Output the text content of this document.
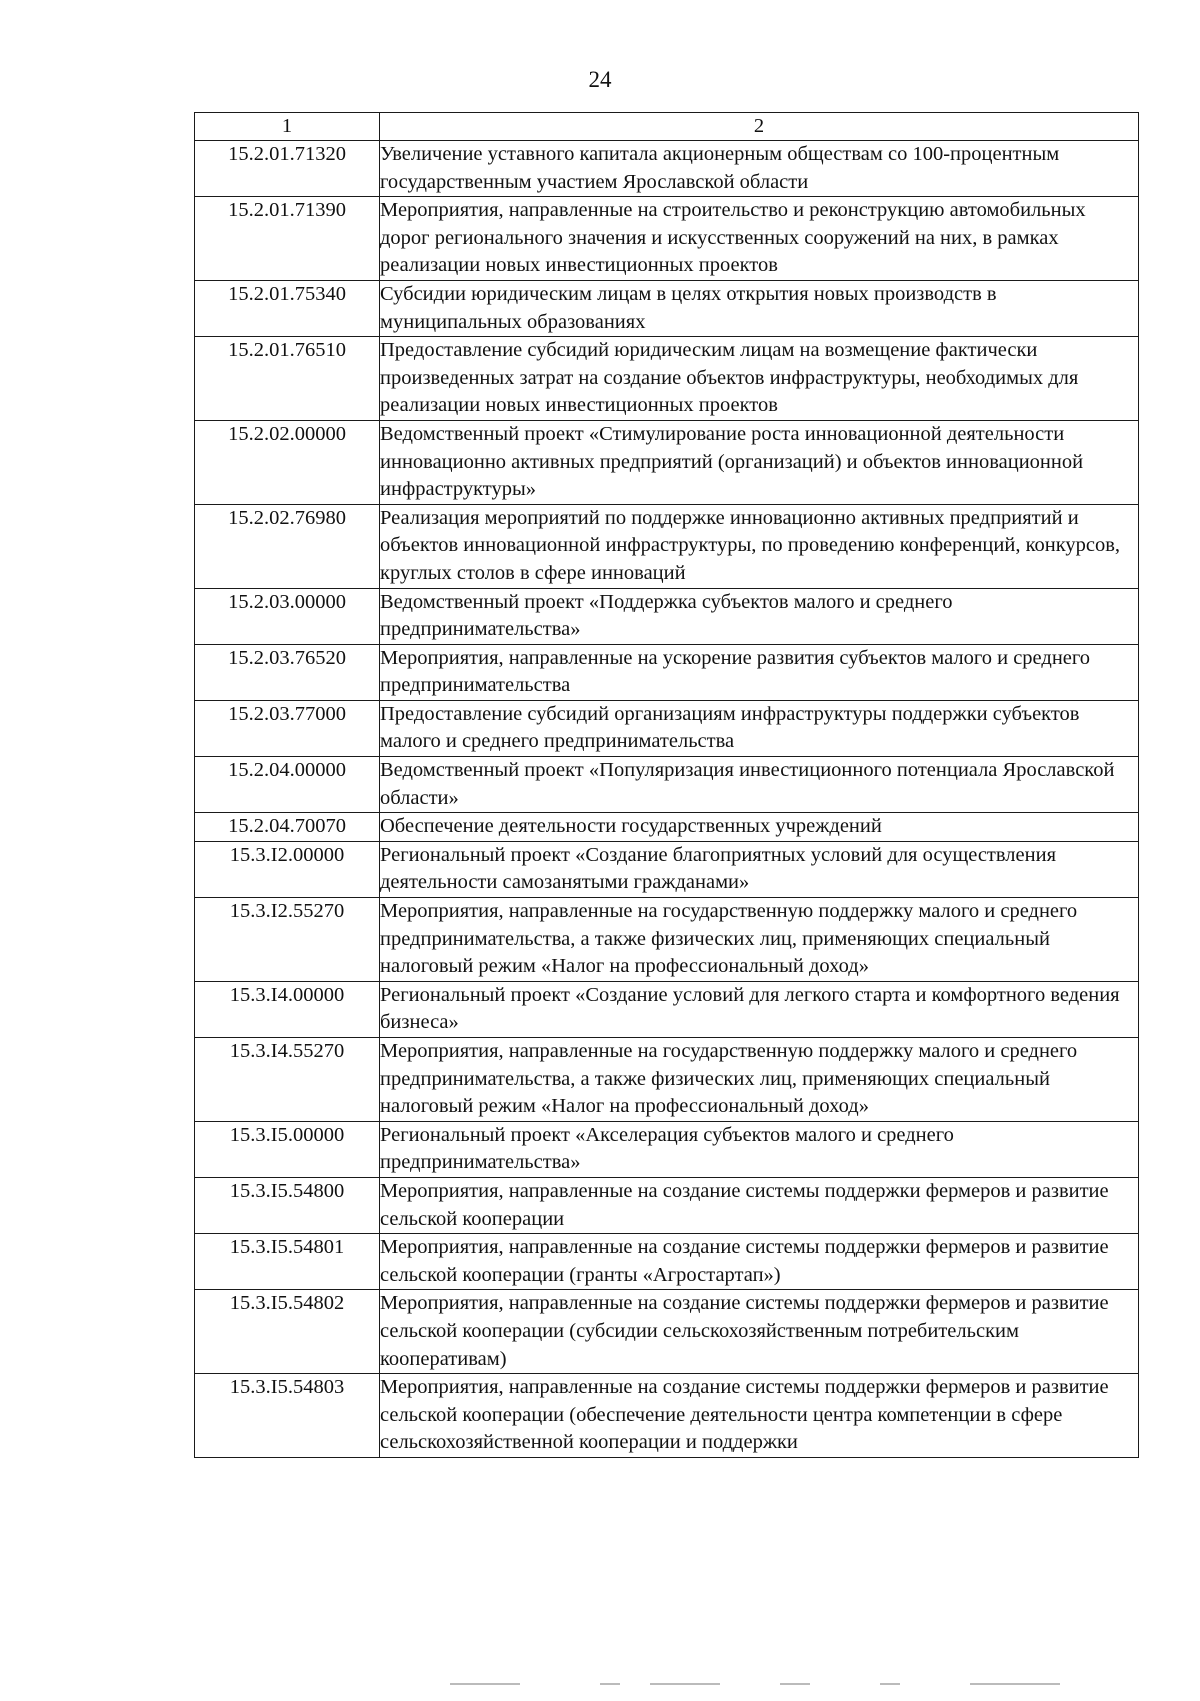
24
1	2
15.2.01.71320	Увеличение уставного капитала акционерным обществам со 100-процентным государственным участием Ярославской области
15.2.01.71390	Мероприятия, направленные на строительство и реконструкцию автомобильных дорог регионального значения и искусственных сооружений на них, в рамках реализации новых инвестиционных проектов
15.2.01.75340	Субсидии юридическим лицам в целях открытия новых производств в муниципальных образованиях
15.2.01.76510	Предоставление субсидий юридическим лицам на возмещение фактически произведенных затрат на создание объектов инфраструктуры, необходимых для реализации новых инвестиционных проектов
15.2.02.00000	Ведомственный проект «Стимулирование роста инновационной деятельности инновационно активных предприятий (организаций) и объектов инновационной инфраструктуры»
15.2.02.76980	Реализация мероприятий по поддержке инновационно активных предприятий и объектов инновационной инфраструктуры, по проведению конференций, конкурсов, круглых столов в сфере инноваций
15.2.03.00000	Ведомственный проект «Поддержка субъектов малого и среднего предпринимательства»
15.2.03.76520	Мероприятия, направленные на ускорение развития субъектов малого и среднего предпринимательства
15.2.03.77000	Предоставление субсидий организациям инфраструктуры поддержки субъектов малого и среднего предпринимательства
15.2.04.00000	Ведомственный проект «Популяризация инвестиционного потенциала Ярославской области»
15.2.04.70070	Обеспечение деятельности государственных учреждений
15.3.I2.00000	Региональный проект «Создание благоприятных условий для осуществления деятельности самозанятыми гражданами»
15.3.I2.55270	Мероприятия, направленные на государственную поддержку малого и среднего предпринимательства, а также физических лиц, применяющих специальный налоговый режим «Налог на профессиональный доход»
15.3.I4.00000	Региональный проект «Создание условий для легкого старта и комфортного ведения бизнеса»
15.3.I4.55270	Мероприятия, направленные на государственную поддержку малого и среднего предпринимательства, а также физических лиц, применяющих специальный налоговый режим «Налог на профессиональный доход»
15.3.I5.00000	Региональный проект «Акселерация субъектов малого и среднего предпринимательства»
15.3.I5.54800	Мероприятия, направленные на создание системы поддержки фермеров и развитие сельской кооперации
15.3.I5.54801	Мероприятия, направленные на создание системы поддержки фермеров и развитие сельской кооперации (гранты «Агростартап»)
15.3.I5.54802	Мероприятия, направленные на создание системы поддержки фермеров и развитие сельской кооперации (субсидии сельскохозяйственным потребительским кооперативам)
15.3.I5.54803	Мероприятия, направленные на создание системы поддержки фермеров и развитие сельской кооперации (обеспечение деятельности центра компетенции в сфере сельскохозяйственной кооперации и поддержки
